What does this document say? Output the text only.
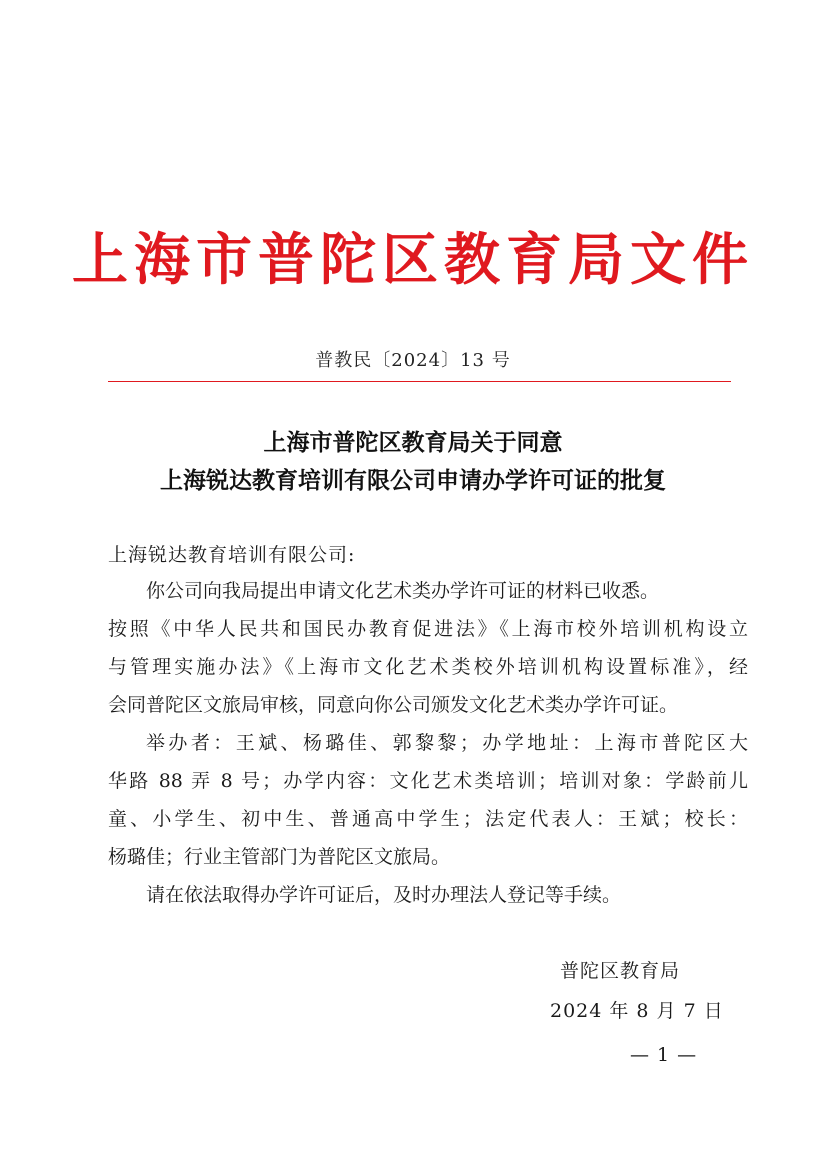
上海市普陀区教育局文件
普教民〔2024〕13 号
上海市普陀区教育局关于同意
上海锐达教育培训有限公司申请办学许可证的批复
上海锐达教育培训有限公司:
你公司向我局提出申请文化艺术类办学许可证的材料已收悉。
按照《中华人民共和国民办教育促进法》《上海市校外培训机构设立
与管理实施办法》《上海市文化艺术类校外培训机构设置标准》，经
会同普陀区文旅局审核，同意向你公司颁发文化艺术类办学许可证。
举办者：王斌、杨璐佳、郭黎黎；办学地址：上海市普陀区大
华路 88 弄 8 号；办学内容：文化艺术类培训；培训对象：学龄前儿
童、小学生、初中生、普通高中学生；法定代表人：王斌；校长：
杨璐佳；行业主管部门为普陀区文旅局。
请在依法取得办学许可证后，及时办理法人登记等手续。
普陀区教育局
2024 年 8 月 7 日
— 1 —
